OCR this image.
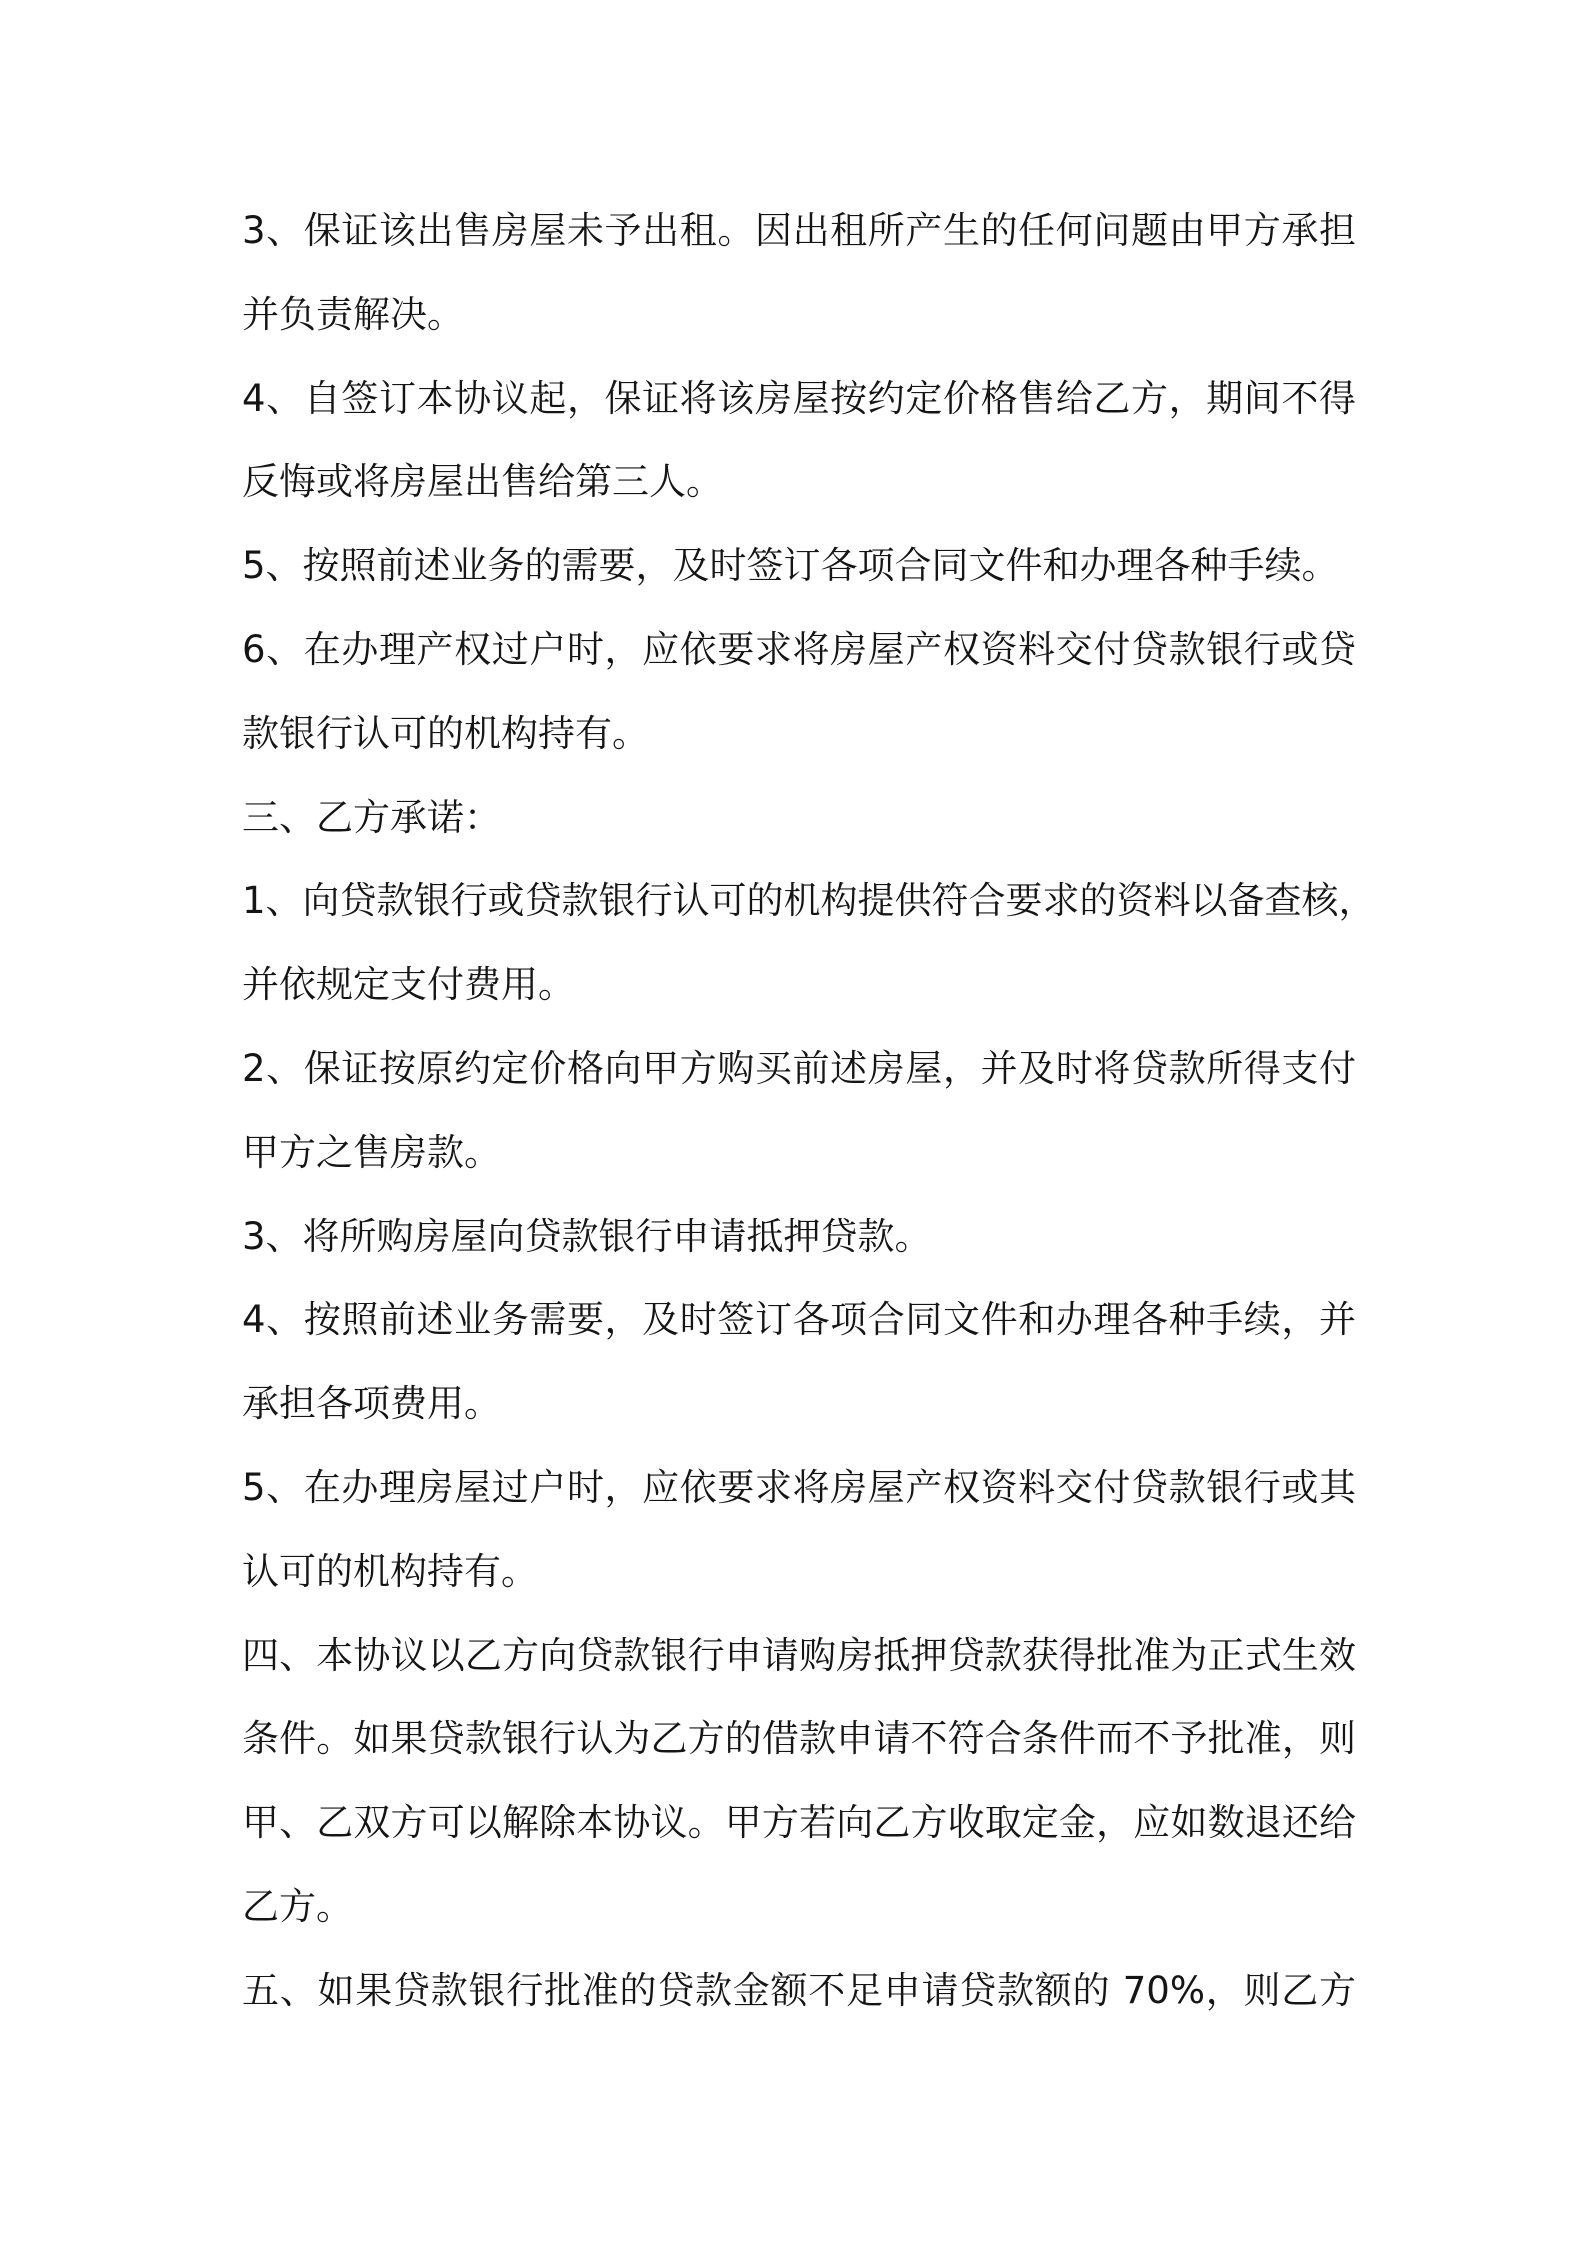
3、保证该出售房屋未予出租。因出租所产生的任何问题由甲方承担
并负责解决。
4、自签订本协议起，保证将该房屋按约定价格售给乙方，期间不得
反悔或将房屋出售给第三人。
5、按照前述业务的需要，及时签订各项合同文件和办理各种手续。
6、在办理产权过户时，应依要求将房屋产权资料交付贷款银行或贷
款银行认可的机构持有。
三、乙方承诺：
1、向贷款银行或贷款银行认可的机构提供符合要求的资料以备查核，
并依规定支付费用。
2、保证按原约定价格向甲方购买前述房屋，并及时将贷款所得支付
甲方之售房款。
3、将所购房屋向贷款银行申请抵押贷款。
4、按照前述业务需要，及时签订各项合同文件和办理各种手续，并
承担各项费用。
5、在办理房屋过户时，应依要求将房屋产权资料交付贷款银行或其
认可的机构持有。
四、本协议以乙方向贷款银行申请购房抵押贷款获得批准为正式生效
条件。如果贷款银行认为乙方的借款申请不符合条件而不予批准，则
甲、乙双方可以解除本协议。甲方若向乙方收取定金，应如数退还给
乙方。
五、如果贷款银行批准的贷款金额不足申请贷款额的 70%，则乙方
